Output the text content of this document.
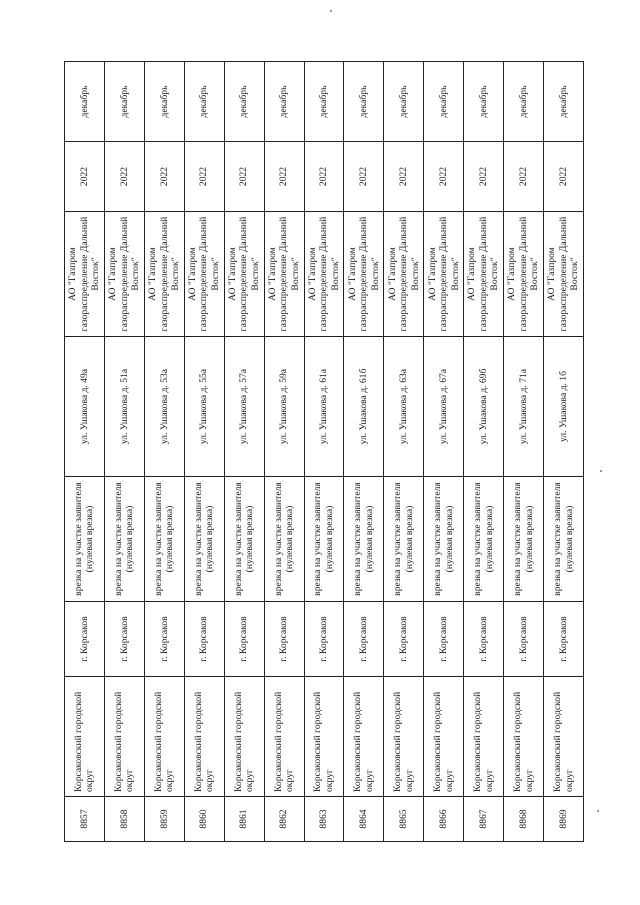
8857	Корсаковский городской округ	г. Корсаков	врезка на участке заявителя (нулевая врезка)	ул. Ушакова д. 49а	АО "Газпром газораспределение Дальний Восток"	2022	декабрь
8858	Корсаковский городской округ	г. Корсаков	врезка на участке заявителя (нулевая врезка)	ул. Ушакова д. 51а	АО "Газпром газораспределение Дальний Восток"	2022	декабрь
8859	Корсаковский городской округ	г. Корсаков	врезка на участке заявителя (нулевая врезка)	ул. Ушакова д. 53а	АО "Газпром газораспределение Дальний Восток"	2022	декабрь
8860	Корсаковский городской округ	г. Корсаков	врезка на участке заявителя (нулевая врезка)	ул. Ушакова д. 55а	АО "Газпром газораспределение Дальний Восток"	2022	декабрь
8861	Корсаковский городской округ	г. Корсаков	врезка на участке заявителя (нулевая врезка)	ул. Ушакова д. 57а	АО "Газпром газораспределение Дальний Восток"	2022	декабрь
8862	Корсаковский городской округ	г. Корсаков	врезка на участке заявителя (нулевая врезка)	ул. Ушакова д. 59а	АО "Газпром газораспределение Дальний Восток"	2022	декабрь
8863	Корсаковский городской округ	г. Корсаков	врезка на участке заявителя (нулевая врезка)	ул. Ушакова д. 61а	АО "Газпром газораспределение Дальний Восток"	2022	декабрь
8864	Корсаковский городской округ	г. Корсаков	врезка на участке заявителя (нулевая врезка)	ул. Ушакова д. 61б	АО "Газпром газораспределение Дальний Восток"	2022	декабрь
8865	Корсаковский городской округ	г. Корсаков	врезка на участке заявителя (нулевая врезка)	ул. Ушакова д. 63а	АО "Газпром газораспределение Дальний Восток"	2022	декабрь
8866	Корсаковский городской округ	г. Корсаков	врезка на участке заявителя (нулевая врезка)	ул. Ушакова д. 67а	АО "Газпром газораспределение Дальний Восток"	2022	декабрь
8867	Корсаковский городской округ	г. Корсаков	врезка на участке заявителя (нулевая врезка)	ул. Ушакова д. 69б	АО "Газпром газораспределение Дальний Восток"	2022	декабрь
8868	Корсаковский городской округ	г. Корсаков	врезка на участке заявителя (нулевая врезка)	ул. Ушакова д. 71а	АО "Газпром газораспределение Дальний Восток"	2022	декабрь
8869	Корсаковский городской округ	г. Корсаков	врезка на участке заявителя (нулевая врезка)	ул. Ушакова д. 1б	АО "Газпром газораспределение Дальний Восток"	2022	декабрь
